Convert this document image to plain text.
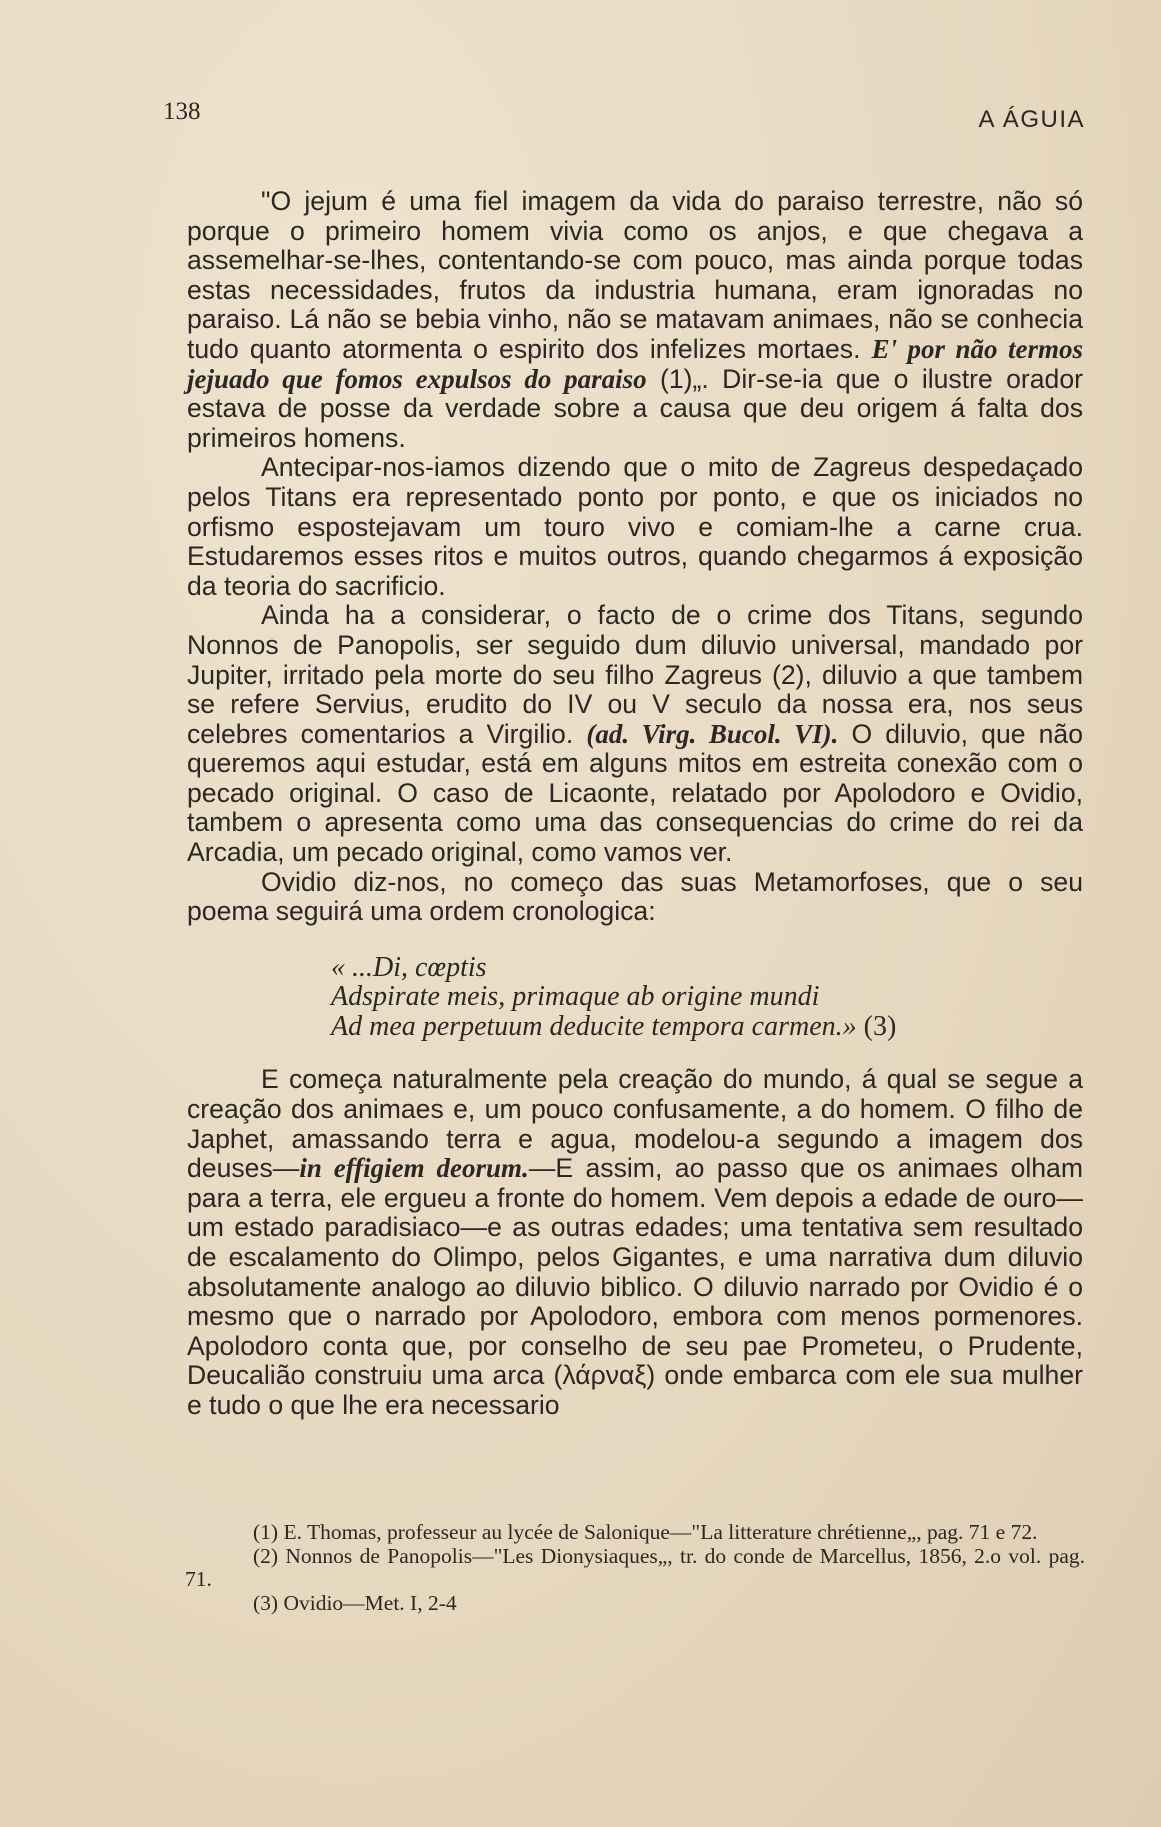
138	A ÁGUIA

"O jejum é uma fiel imagem da vida do paraiso terrestre, não só porque o primeiro homem vivia como os anjos, e que chegava a assemelhar-se-lhes, contentando-se com pouco, mas ainda porque todas estas necessidades, frutos da industria humana, eram ignoradas no paraiso. Lá não se bebia vinho, não se matavam animaes, não se conhecia tudo quanto atormenta o espirito dos infelizes mortaes. E' por não termos jejuado que fomos expulsos do paraiso (1)„. Dir-se-ia que o ilustre orador estava de posse da verdade sobre a causa que deu origem á falta dos primeiros homens.

Antecipar-nos-iamos dizendo que o mito de Zagreus despedaçado pelos Titans era representado ponto por ponto, e que os iniciados no orfismo espostejavam um touro vivo e comiam-lhe a carne crua. Estudaremos esses ritos e muitos outros, quando chegarmos á exposição da teoria do sacrificio.

Ainda ha a considerar, o facto de o crime dos Titans, segundo Nonnos de Panopolis, ser seguido dum diluvio universal, mandado por Jupiter, irritado pela morte do seu filho Zagreus (2), diluvio a que tambem se refere Servius, erudito do IV ou V seculo da nossa era, nos seus celebres comentarios a Virgilio. (ad. Virg. Bucol. VI). O diluvio, que não queremos aqui estudar, está em alguns mitos em estreita conexão com o pecado original. O caso de Licaonte, relatado por Apolodoro e Ovidio, tambem o apresenta como uma das consequencias do crime do rei da Arcadia, um pecado original, como vamos ver.

Ovidio diz-nos, no começo das suas Metamorfoses, que o seu poema seguirá uma ordem cronologica:

« ...Di, cœptis
Adspirate meis, primaque ab origine mundi
Ad mea perpetuum deducite tempora carmen.» (3)

E começa naturalmente pela creação do mundo, á qual se segue a creação dos animaes e, um pouco confusamente, a do homem. O filho de Japhet, amassando terra e agua, modelou-a segundo a imagem dos deuses—in effigiem deorum.—E assim, ao passo que os animaes olham para a terra, ele ergueu a fronte do homem. Vem depois a edade de ouro—um estado paradisiaco—e as outras edades; uma tentativa sem resultado de escalamento do Olimpo, pelos Gigantes, e uma narrativa dum diluvio absolutamente analogo ao diluvio biblico. O diluvio narrado por Ovidio é o mesmo que o narrado por Apolodoro, embora com menos pormenores. Apolodoro conta que, por conselho de seu pae Prometeu, o Prudente, Deucalião construiu uma arca (λάρναξ) onde embarca com ele sua mulher e tudo o que lhe era necessario

(1) E. Thomas, professeur au lycée de Salonique—"La litterature chrétienne„, pag. 71 e 72.

(2) Nonnos de Panopolis—"Les Dionysiaques„, tr. do conde de Marcellus, 1856, 2.o vol. pag. 71.

(3) Ovidio—Met. I, 2-4
